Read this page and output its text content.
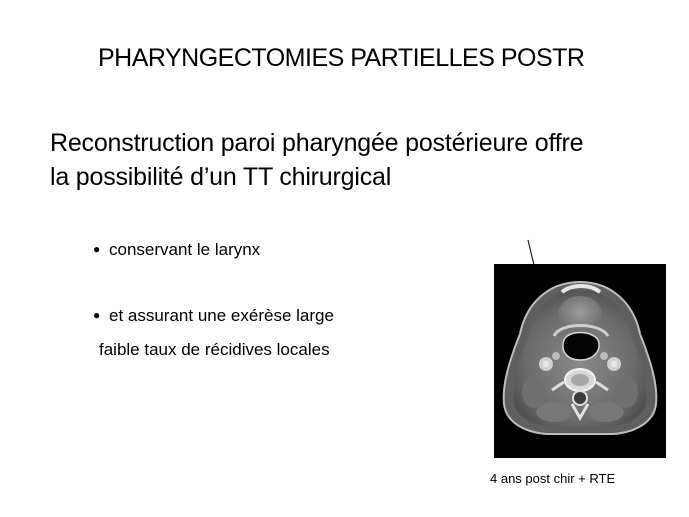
PHARYNGECTOMIES PARTIELLES POSTR
Reconstruction paroi pharyngée postérieure offre
la possibilité d’un TT chirurgical
● conservant le larynx
● et assurant une exérèse large
faible taux de récidives locales
4 ans post chir + RTE
